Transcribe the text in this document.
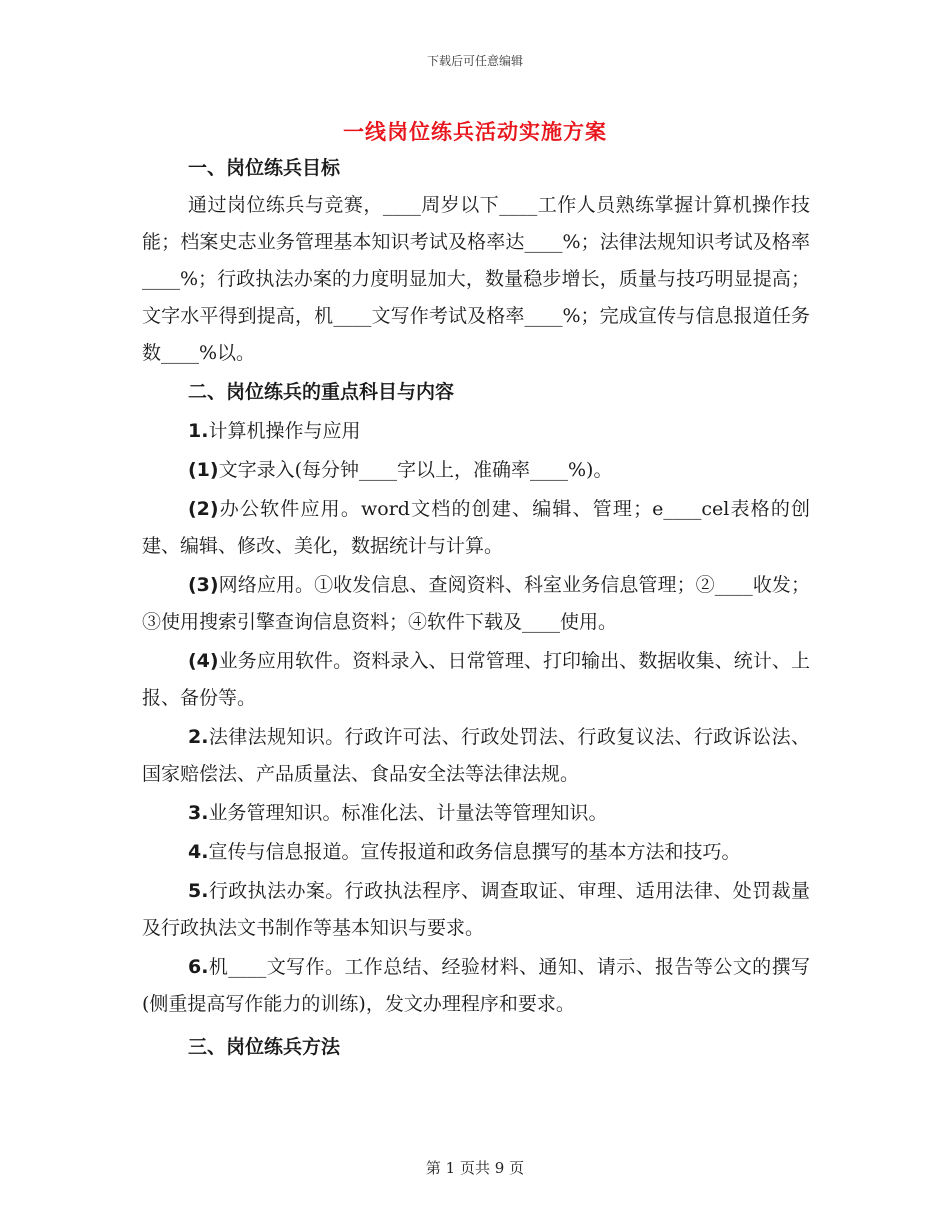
下载后可任意编辑
一线岗位练兵活动实施方案

一、岗位练兵目标

通过岗位练兵与竞赛，____周岁以下____工作人员熟练掌握计算机操作技能；档案史志业务管理基本知识考试及格率达____%；法律法规知识考试及格率____%；行政执法办案的力度明显加大，数量稳步增长，质量与技巧明显提高；文字水平得到提高，机____文写作考试及格率____%；完成宣传与信息报道任务数____%以。

二、岗位练兵的重点科目与内容

1.计算机操作与应用

(1)文字录入(每分钟____字以上，准确率____%)。

(2)办公软件应用。word文档的创建、编辑、管理；e____cel表格的创建、编辑、修改、美化，数据统计与计算。

(3)网络应用。①收发信息、查阅资料、科室业务信息管理；②____收发；③使用搜索引擎查询信息资料；④软件下载及____使用。

(4)业务应用软件。资料录入、日常管理、打印输出、数据收集、统计、上报、备份等。

2.法律法规知识。行政许可法、行政处罚法、行政复议法、行政诉讼法、国家赔偿法、产品质量法、食品安全法等法律法规。

3.业务管理知识。标准化法、计量法等管理知识。

4.宣传与信息报道。宣传报道和政务信息撰写的基本方法和技巧。

5.行政执法办案。行政执法程序、调查取证、审理、适用法律、处罚裁量及行政执法文书制作等基本知识与要求。

6.机____文写作。工作总结、经验材料、通知、请示、报告等公文的撰写(侧重提高写作能力的训练)，发文办理程序和要求。

三、岗位练兵方法

第 1 页共 9 页
